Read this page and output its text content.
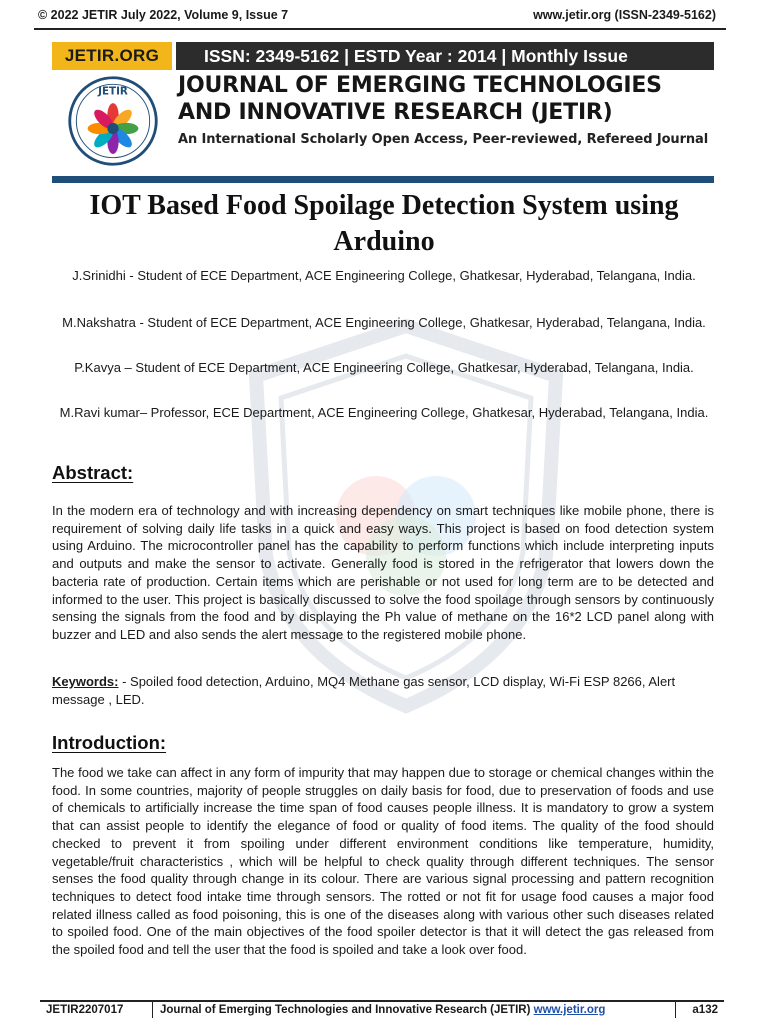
© 2022 JETIR July 2022, Volume 9, Issue 7	www.jetir.org (ISSN-2349-5162)
JETIR.ORG	ISSN: 2349-5162 | ESTD Year : 2014 | Monthly Issue
JETIR JOURNAL OF EMERGING TECHNOLOGIES AND INNOVATIVE RESEARCH (JETIR)
An International Scholarly Open Access, Peer-reviewed, Refereed Journal
IOT Based Food Spoilage Detection System using Arduino
J.Srinidhi - Student of ECE Department, ACE Engineering College, Ghatkesar, Hyderabad, Telangana, India.
M.Nakshatra - Student of ECE Department, ACE Engineering College, Ghatkesar, Hyderabad, Telangana, India.
P.Kavya – Student of ECE Department, ACE Engineering College, Ghatkesar, Hyderabad, Telangana, India.
M.Ravi kumar– Professor, ECE Department, ACE Engineering College, Ghatkesar, Hyderabad, Telangana, India.
Abstract:
In the modern era of technology and with increasing dependency on smart techniques like mobile phone, there is requirement of solving daily life tasks in a quick and easy ways. This project is based on food detection system using Arduino. The microcontroller panel has the capability to perform functions which include interpreting inputs and outputs and make the sensor to activate. Generally food is stored in the refrigerator that lowers down the bacteria rate of production. Certain items which are perishable or not used for long term are to be detected and informed to the user. This project is basically discussed to solve the food spoilage through sensors by continuously sensing the signals from the food and by displaying the Ph value of methane on the 16*2 LCD panel along with buzzer and LED and also sends the alert message to the registered mobile phone.
Keywords: - Spoiled food detection, Arduino, MQ4 Methane gas sensor, LCD display, Wi-Fi ESP 8266, Alert message , LED.
Introduction:
The food we take can affect in any form of impurity that may happen due to storage or chemical changes within the food. In some countries, majority of people struggles on daily basis for food, due to preservation of foods and use of chemicals to artificially increase the time span of food causes people illness. It is mandatory to grow a system that can assist people to identify the elegance of food or quality of food items. The quality of the food should checked to prevent it from spoiling under different environment conditions like temperature, humidity, vegetable/fruit characteristics , which will be helpful to check quality through different techniques. The sensor senses the food quality through change in its colour. There are various signal processing and pattern recognition techniques to detect food intake time through sensors. The rotted or not fit for usage food causes a major food related illness called as food poisoning, this is one of the diseases along with various other such diseases related to spoiled food. One of the main objectives of the food spoiler detector is that it will detect the gas released from the spoiled food and tell the user that the food is spoiled and take a look over food.
JETIR2207017	Journal of Emerging Technologies and Innovative Research (JETIR) www.jetir.org	a132
